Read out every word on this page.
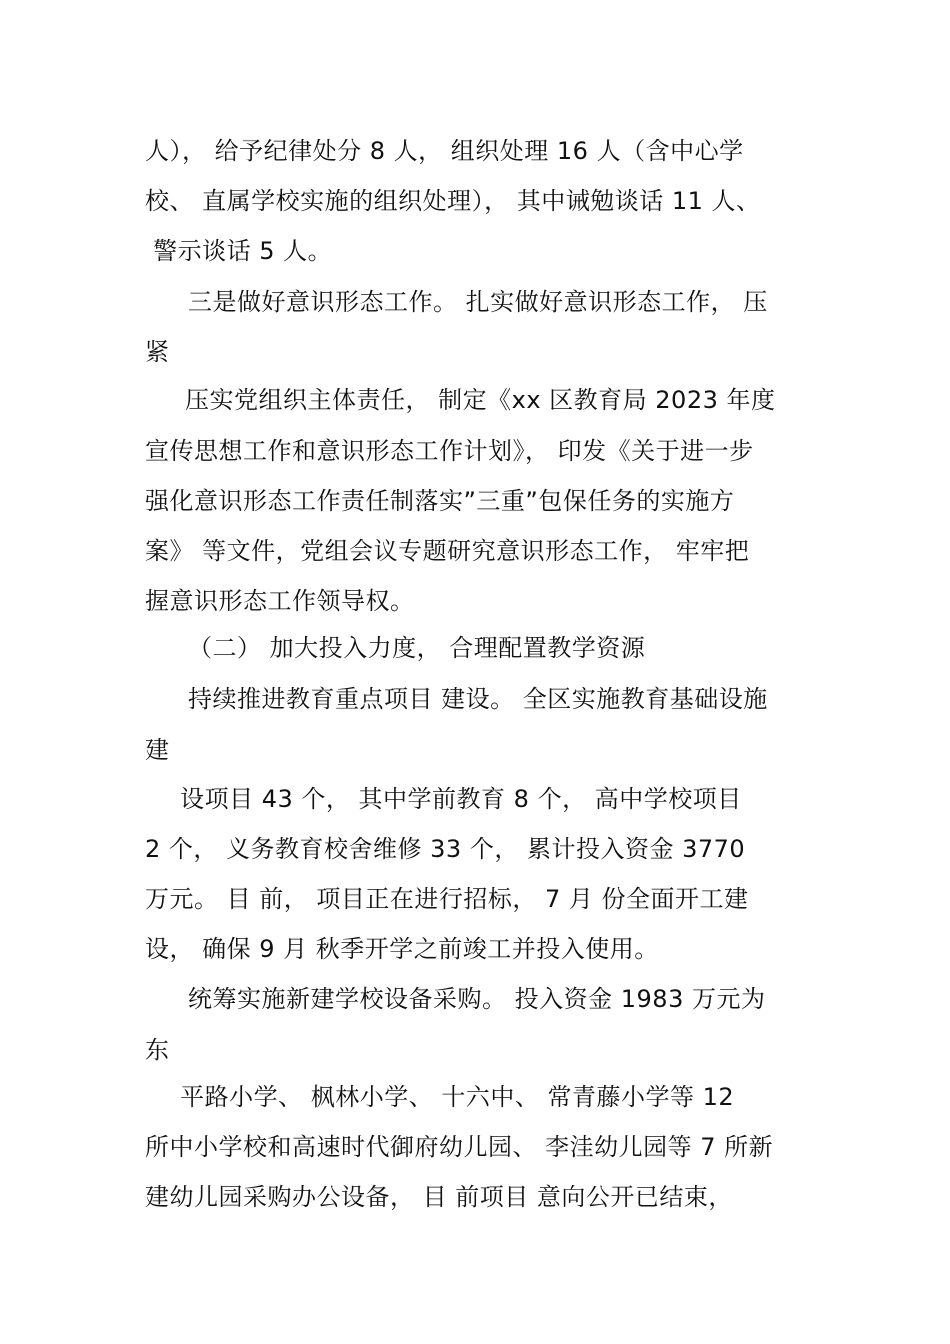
人）， 给予纪律处分 8 人， 组织处理 16 人（含中心学
校、 直属学校实施的组织处理）， 其中诫勉谈话 11 人、
警示谈话 5 人。
三是做好意识形态工作。 扎实做好意识形态工作， 压
紧
压实党组织主体责任， 制定《xx 区教育局 2023 年度
宣传思想工作和意识形态工作计划》， 印发《关于进一步
强化意识形态工作责任制落实”三重”包保任务的实施方
案》 等文件，党组会议专题研究意识形态工作， 牢牢把
握意识形态工作领导权。
（二） 加大投入力度， 合理配置教学资源
持续推进教育重点项目 建设。 全区实施教育基础设施
建
设项目 43 个， 其中学前教育 8 个， 高中学校项目
2 个， 义务教育校舍维修 33 个， 累计投入资金 3770
万元。 目 前， 项目正在进行招标， 7 月 份全面开工建
设， 确保 9 月 秋季开学之前竣工并投入使用。
统筹实施新建学校设备采购。 投入资金 1983 万元为
东
平路小学、 枫林小学、 十六中、 常青藤小学等 12
所中小学校和高速时代御府幼儿园、 李洼幼儿园等 7 所新
建幼儿园采购办公设备， 目 前项目 意向公开已结束，
